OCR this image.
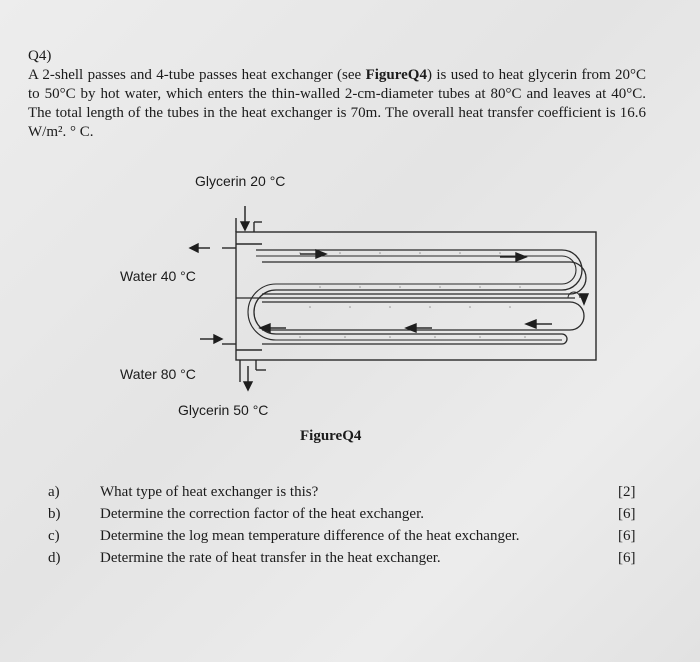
Q4)

A 2-shell passes and 4-tube passes heat exchanger (see FigureQ4) is used to heat glycerin from 20°C to 50°C by hot water, which enters the thin-walled 2-cm-diameter tubes at 80°C and leaves at 40°C. The total length of the tubes in the heat exchanger is 70m. The overall heat transfer coefficient is 16.6 W/m². ° C.

Glycerin 20 °C
Water 40 °C
Water 80 °C
Glycerin 50 °C
FigureQ4
a)	What type of heat exchanger is this?	[2]
b)	Determine the correction factor of the heat exchanger.	[6]
c)	Determine the log mean temperature difference of the heat exchanger.	[6]
d)	Determine the rate of heat transfer in the heat exchanger.	[6]
